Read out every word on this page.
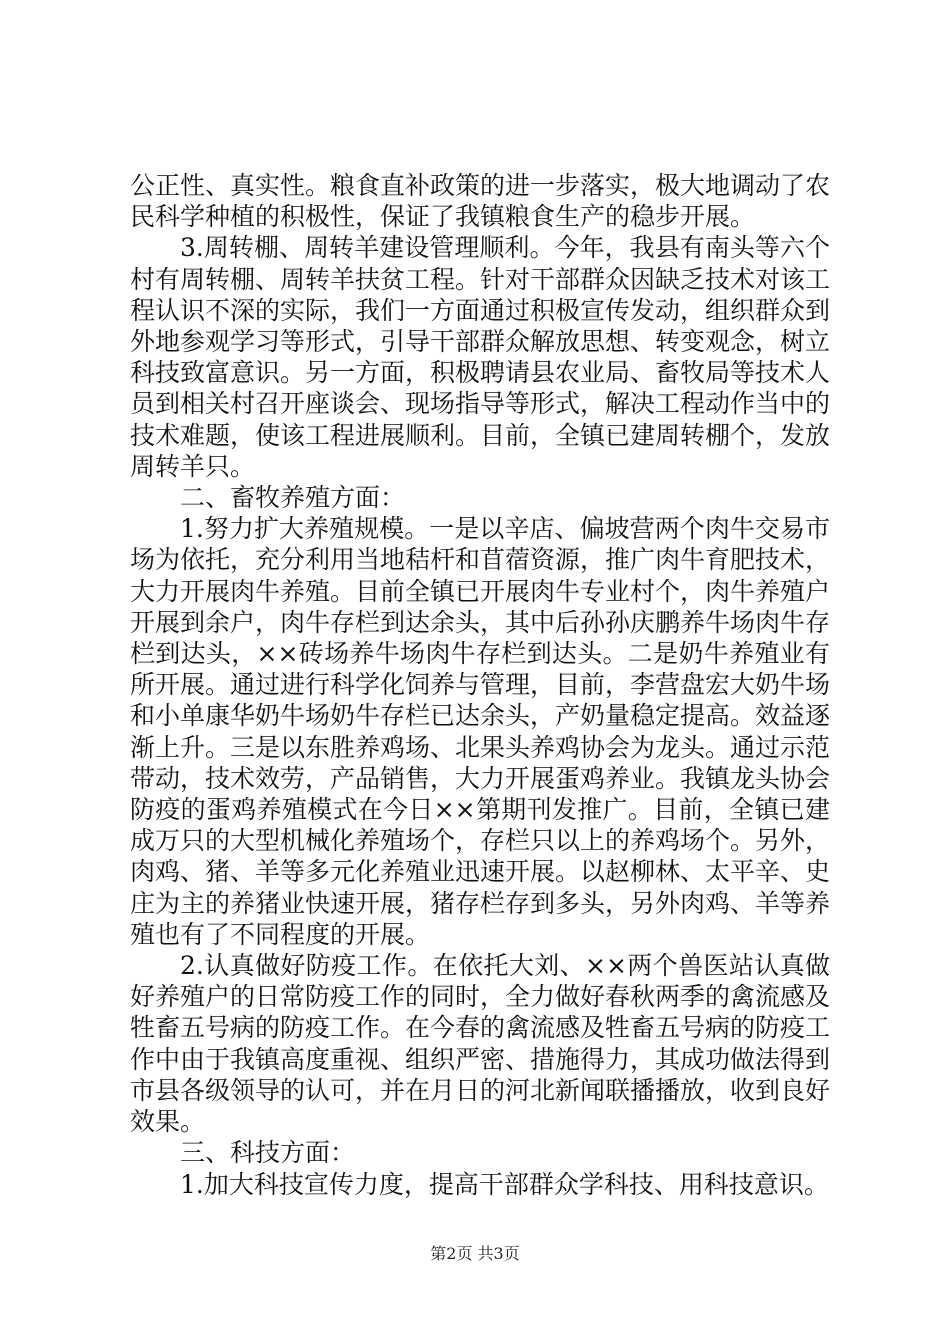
公正性、真实性。粮食直补政策的进一步落实，极大地调动了农民科学种植的积极性，保证了我镇粮食生产的稳步开展。

3.周转棚、周转羊建设管理顺利。今年，我县有南头等六个村有周转棚、周转羊扶贫工程。针对干部群众因缺乏技术对该工程认识不深的实际，我们一方面通过积极宣传发动，组织群众到外地参观学习等形式，引导干部群众解放思想、转变观念，树立科技致富意识。另一方面，积极聘请县农业局、畜牧局等技术人员到相关村召开座谈会、现场指导等形式，解决工程动作当中的技术难题，使该工程进展顺利。目前，全镇已建周转棚个，发放周转羊只。

二、畜牧养殖方面：

1.努力扩大养殖规模。一是以辛店、偏坡营两个肉牛交易市场为依托，充分利用当地秸杆和苜蓿资源，推广肉牛育肥技术，大力开展肉牛养殖。目前全镇已开展肉牛专业村个，肉牛养殖户开展到余户，肉牛存栏到达余头，其中后孙孙庆鹏养牛场肉牛存栏到达头，××砖场养牛场肉牛存栏到达头。二是奶牛养殖业有所开展。通过进行科学化饲养与管理，目前，李营盘宏大奶牛场和小单康华奶牛场奶牛存栏已达余头，产奶量稳定提高。效益逐渐上升。三是以东胜养鸡场、北果头养鸡协会为龙头。通过示范带动，技术效劳，产品销售，大力开展蛋鸡养业。我镇龙头协会防疫的蛋鸡养殖模式在今日××第期刊发推广。目前，全镇已建成万只的大型机械化养殖场个，存栏只以上的养鸡场个。另外，肉鸡、猪、羊等多元化养殖业迅速开展。以赵柳林、太平辛、史庄为主的养猪业快速开展，猪存栏存到多头，另外肉鸡、羊等养殖也有了不同程度的开展。

2.认真做好防疫工作。在依托大刘、××两个兽医站认真做好养殖户的日常防疫工作的同时，全力做好春秋两季的禽流感及牲畜五号病的防疫工作。在今春的禽流感及牲畜五号病的防疫工作中由于我镇高度重视、组织严密、措施得力，其成功做法得到市县各级领导的认可，并在月日的河北新闻联播播放，收到良好效果。

三、科技方面：

1.加大科技宣传力度，提高干部群众学科技、用科技意识。

第2页 共3页
